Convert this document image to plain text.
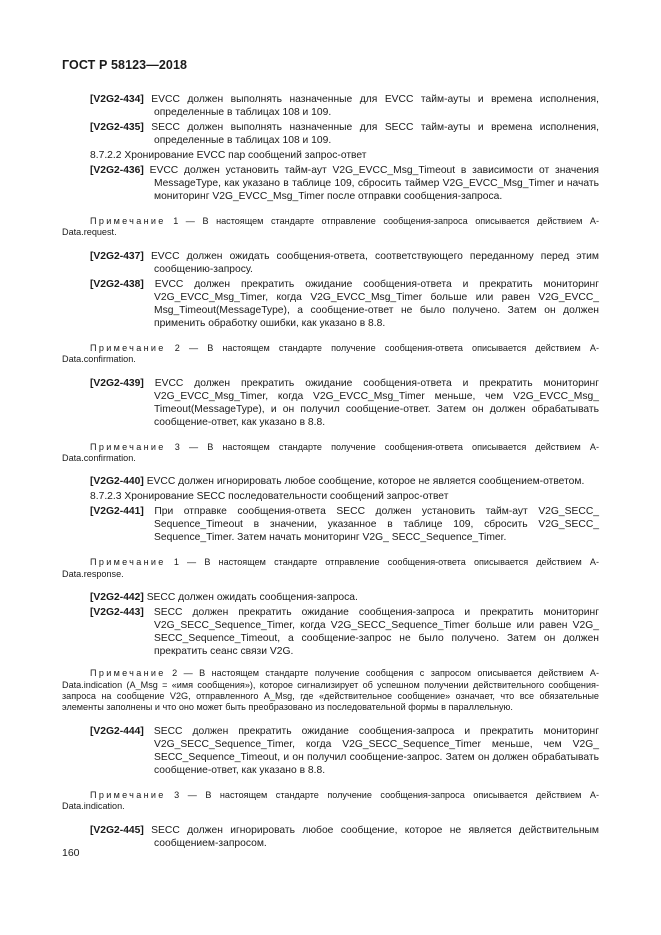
ГОСТ Р 58123—2018

[V2G2-434] EVCC должен выполнять назначенные для EVCC тайм-ауты и времена исполнения, определенные в таблицах 108 и 109.

[V2G2-435] SECC должен выполнять назначенные для SECC тайм-ауты и времена исполнения, определенные в таблицах 108 и 109.

8.7.2.2 Хронирование EVCC пар сообщений запрос-ответ

[V2G2-436] EVCC должен установить тайм-аут V2G_EVCC_Msg_Timeout в зависимости от значения MessageType, как указано в таблице 109, сбросить таймер V2G_EVCC_Msg_Timer и начать мониторинг V2G_EVCC_Msg_Timer после отправки сообщения-запроса.

Примечание 1 — В настоящем стандарте отправление сообщения-запроса описывается действием A-Data.request.

[V2G2-437] EVCC должен ожидать сообщения-ответа, соответствующего переданному перед этим сообщению-запросу.

[V2G2-438] EVCC должен прекратить ожидание сообщения-ответа и прекратить мониторинг V2G_EVCC_Msg_Timer, когда V2G_EVCC_Msg_Timer больше или равен V2G_EVCC_ Msg_Timeout(MessageType), а сообщение-ответ не было получено. Затем он должен применить обработку ошибки, как указано в 8.8.

Примечание 2 — В настоящем стандарте получение сообщения-ответа описывается действием A-Data.confirmation.

[V2G2-439] EVCC должен прекратить ожидание сообщения-ответа и прекратить мониторинг V2G_EVCC_Msg_Timer, когда V2G_EVCC_Msg_Timer меньше, чем V2G_EVCC_Msg_ Timeout(MessageType), и он получил сообщение-ответ. Затем он должен обрабатывать сообщение-ответ, как указано в 8.8.

Примечание 3 — В настоящем стандарте получение сообщения-ответа описывается действием A-Data.confirmation.

[V2G2-440] EVCC должен игнорировать любое сообщение, которое не является сообщением-ответом.

8.7.2.3 Хронирование SECC последовательности сообщений запрос-ответ

[V2G2-441] При отправке сообщения-ответа SECC должен установить тайм-аут V2G_SECC_ Sequence_Timeout в значении, указанное в таблице 109, сбросить V2G_SECC_ Sequence_Timer. Затем начать мониторинг V2G_ SECC_Sequence_Timer.

Примечание 1 — В настоящем стандарте отправление сообщения-ответа описывается действием A-Data.response.

[V2G2-442] SECC должен ожидать сообщения-запроса.

[V2G2-443] SECC должен прекратить ожидание сообщения-запроса и прекратить мониторинг V2G_SECC_Sequence_Timer, когда V2G_SECC_Sequence_Timer больше или равен V2G_ SECC_Sequence_Timeout, а сообщение-запрос не было получено. Затем он должен прекратить сеанс связи V2G.

Примечание 2 — В настоящем стандарте получение сообщения с запросом описывается действием A-Data.indication (A_Msg = «имя сообщения»), которое сигнализирует об успешном получении действительного сообщения-запроса на сообщение V2G, отправленного A_Msg, где «действительное сообщение» означает, что все обязательные элементы заполнены и что оно может быть преобразовано из последовательной формы в параллельную.

[V2G2-444] SECC должен прекратить ожидание сообщения-запроса и прекратить мониторинг V2G_SECC_Sequence_Timer, когда V2G_SECC_Sequence_Timer меньше, чем V2G_ SECC_Sequence_Timeout, и он получил сообщение-запрос. Затем он должен обрабатывать сообщение-ответ, как указано в 8.8.

Примечание 3 — В настоящем стандарте получение сообщения-запроса описывается действием A-Data.indication.

[V2G2-445] SECC должен игнорировать любое сообщение, которое не является действительным сообщением-запросом.

160
